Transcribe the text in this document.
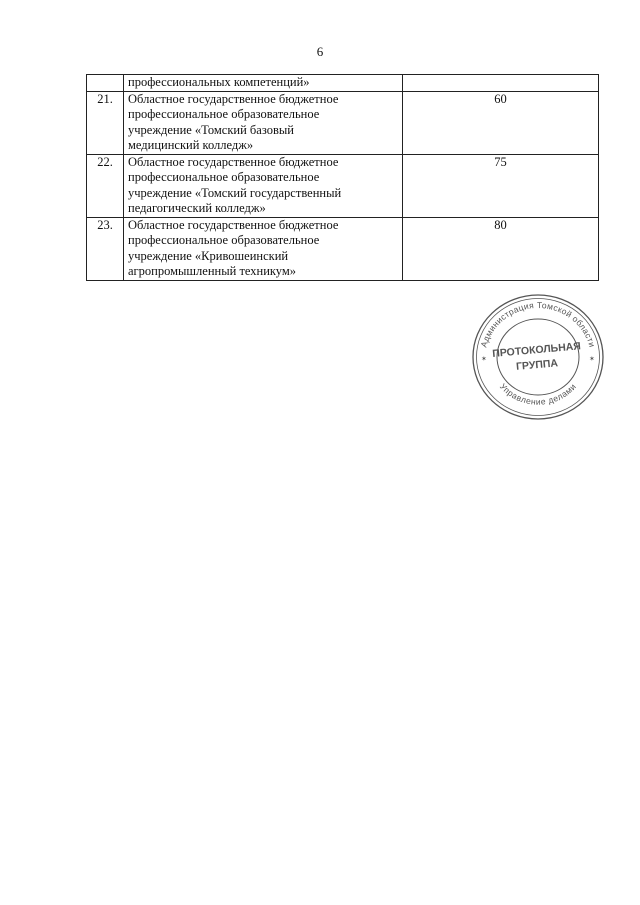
6

	профессиональных компетенций»	

21.	Областное государственное бюджетное
профессиональное образовательное
учреждение «Томский базовый
медицинский колледж»	60
22.	Областное государственное бюджетное
профессиональное образовательное
учреждение «Томский государственный
педагогический колледж»	75
23.	Областное государственное бюджетное
профессиональное образовательное
учреждение «Кривошеинский
агропромышленный техникум»	80
Администрация Томской области
Управление делами
ПРОТОКОЛЬНАЯ
ГРУППА
✶	✶
